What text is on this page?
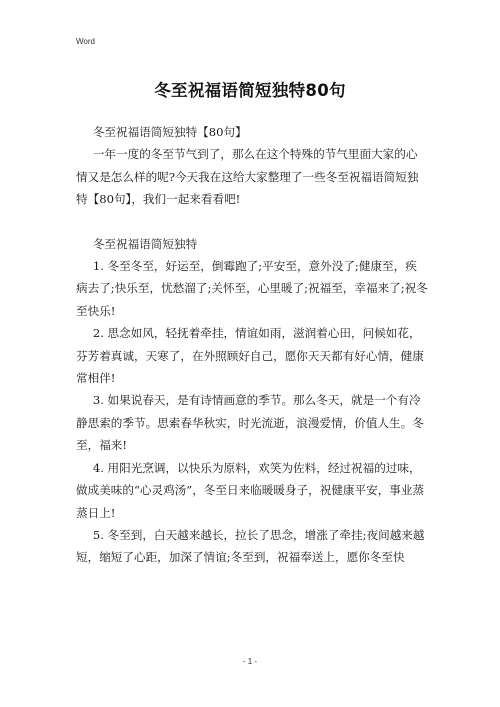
Word
冬至祝福语简短独特80句

冬至祝福语简短独特【80句】

一年一度的冬至节气到了，那么在这个特殊的节气里面大家的心情又是怎么样的呢?今天我在这给大家整理了一些冬至祝福语简短独特【80句】，我们一起来看看吧!

冬至祝福语简短独特

1. 冬至冬至，好运至，倒霉跑了;平安至，意外没了;健康至，疾病去了;快乐至，忧愁溜了;关怀至，心里暖了;祝福至，幸福来了;祝冬至快乐!

2. 思念如风，轻抚着牵挂，情谊如雨，滋润着心田，问候如花，芬芳着真诚，天寒了，在外照顾好自己，愿你天天都有好心情，健康常相伴!

3. 如果说春天，是有诗情画意的季节。那么冬天，就是一个有冷静思索的季节。思索春华秋实，时光流逝，浪漫爱情，价值人生。冬至，福来!

4. 用阳光烹调，以快乐为原料，欢笑为佐料，经过祝福的过味，做成美味的“心灵鸡汤”，冬至日来临暖暖身子，祝健康平安，事业蒸蒸日上!

5. 冬至到，白天越来越长，拉长了思念，增涨了牵挂;夜间越来越短，缩短了心距，加深了情谊;冬至到，祝福奉送上，愿你冬至快

- 1 -
